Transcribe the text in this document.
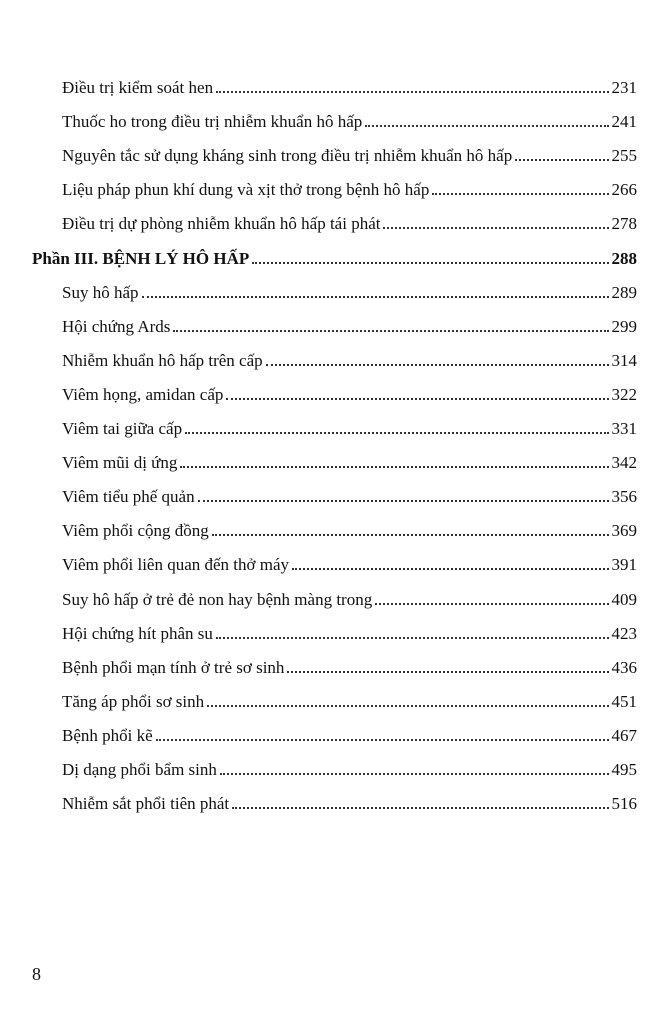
Điều trị kiểm soát hen	231
Thuốc ho trong điều trị nhiễm khuẩn hô hấp	241
Nguyên tắc sử dụng kháng sinh trong điều trị nhiễm khuẩn hô hấp	255
Liệu pháp phun khí dung và xịt thở trong bệnh hô hấp	266
Điều trị dự phòng nhiễm khuẩn hô hấp tái phát	278
Phần III. BỆNH LÝ HÔ HẤP	288
Suy hô hấp	289
Hội chứng Ards	299
Nhiễm khuẩn hô hấp trên cấp	314
Viêm họng, amidan cấp	322
Viêm tai giữa cấp	331
Viêm mũi dị ứng	342
Viêm tiểu phế quản	356
Viêm phổi cộng đồng	369
Viêm phổi liên quan đến thở máy	391
Suy hô hấp ở trẻ đẻ non hay bệnh màng trong	409
Hội chứng hít phân su	423
Bệnh phổi mạn tính ở trẻ sơ sinh	436
Tăng áp phổi sơ sinh	451
Bệnh phổi kẽ	467
Dị dạng phổi bẩm sinh	495
Nhiễm sắt phổi tiên phát	516
8
